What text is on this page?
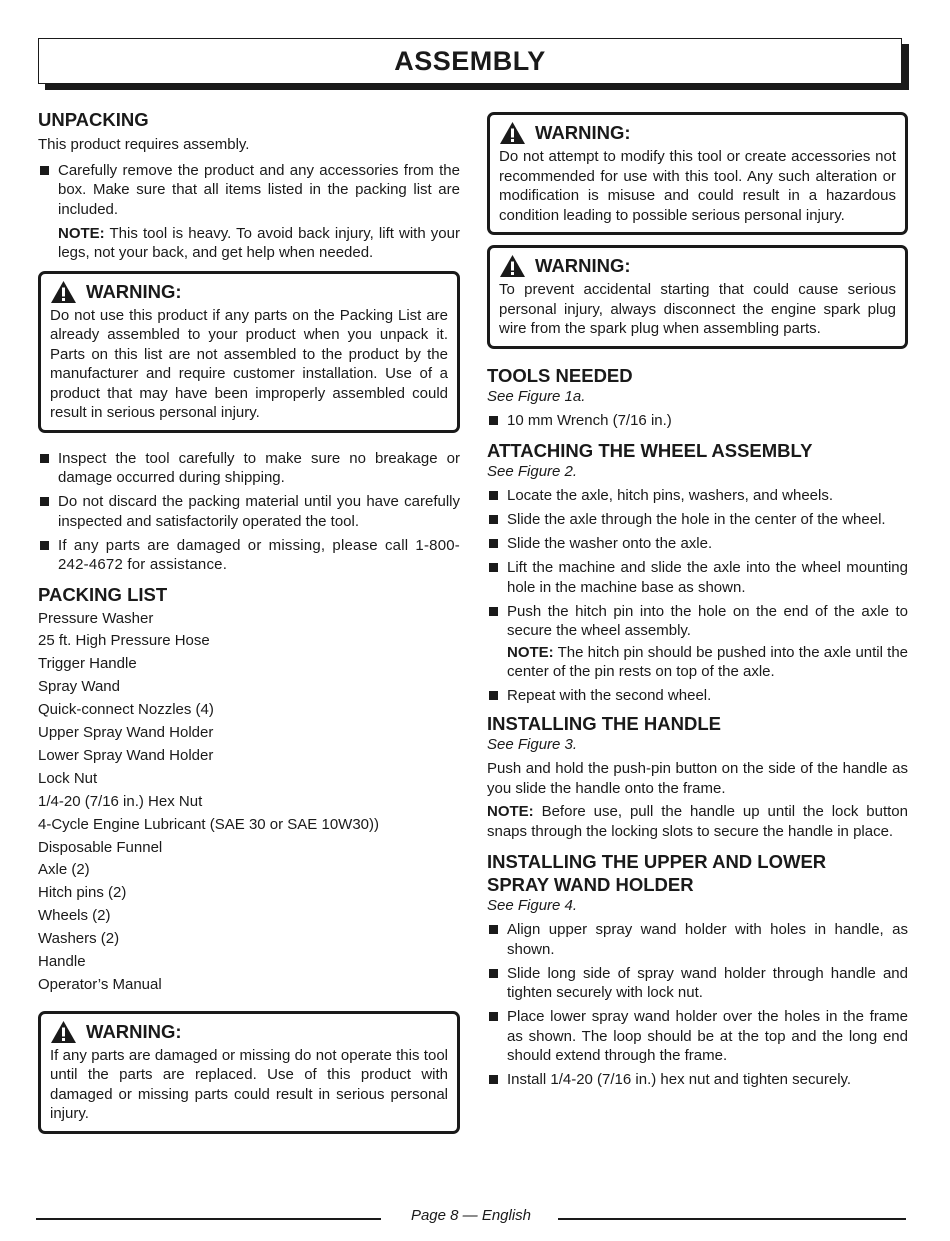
ASSEMBLY
UNPACKING

This product requires assembly.

Carefully remove the product and any accessories from the box. Make sure that all items listed in the packing list are included.

NOTE: This tool is heavy. To avoid back injury, lift with your legs, not your back, and get help when needed.

WARNING:

Do not use this product if any parts on the Packing List are already assembled to your product when you unpack it. Parts on this list are not assembled to the product by the manufacturer and require customer installation. Use of a product that may have been improperly assembled could result in serious personal injury.

Inspect the tool carefully to make sure no breakage or damage occurred during shipping.
Do not discard the packing material until you have carefully inspected and satisfactorily operated the tool.
If any parts are damaged or missing, please call 1-800-242-4672 for assistance.
PACKING LIST
Pressure Washer
25 ft. High Pressure Hose
Trigger Handle
Spray Wand
Quick-connect Nozzles (4)
Upper Spray Wand Holder
Lower Spray Wand Holder
Lock Nut
1/4-20 (7/16 in.) Hex Nut
4-Cycle Engine Lubricant (SAE 30 or SAE 10W30))
Disposable Funnel
Axle (2)
Hitch pins (2)
Wheels (2)
Washers (2)
Handle
Operator’s Manual
WARNING:

If any parts are damaged or missing do not operate this tool until the parts are replaced. Use of this product with damaged or missing parts could result in serious personal injury.

WARNING:

Do not attempt to modify this tool or create accessories not recommended for use with this tool. Any such alteration or modification is misuse and could result in a hazardous condition leading to possible serious personal injury.

WARNING:

To prevent accidental starting that could cause serious personal injury, always disconnect the engine spark plug wire from the spark plug when assembling parts.

TOOLS NEEDED

See Figure 1a.

10 mm Wrench (7/16 in.)
ATTACHING THE WHEEL ASSEMBLY

See Figure 2.

Locate the axle, hitch pins, washers, and wheels.
Slide the axle through the hole in the center of the wheel.
Slide the washer onto the axle.
Lift the machine and slide the axle into the wheel mounting hole in the machine base as shown.
Push the hitch pin into the hole on the end of the axle to secure the wheel assembly.

NOTE: The hitch pin should be pushed into the axle until the center of the pin rests on top of the axle.

Repeat with the second wheel.
INSTALLING THE HANDLE

See Figure 3.

Push and hold the push-pin button on the side of the handle as you slide the handle onto the frame.

NOTE: Before use, pull the handle up until the lock button snaps through the locking slots to secure the handle in place.

INSTALLING THE UPPER AND LOWER
SPRAY WAND HOLDER

See Figure 4.

Align upper spray wand holder with holes in handle, as shown.
Slide long side of spray wand holder through handle and tighten securely with lock nut.
Place lower spray wand holder over the holes in the frame as shown. The loop should be at the top and the long end should extend through the frame.
Install 1/4-20 (7/16 in.) hex nut and tighten securely.
Page 8 — English
